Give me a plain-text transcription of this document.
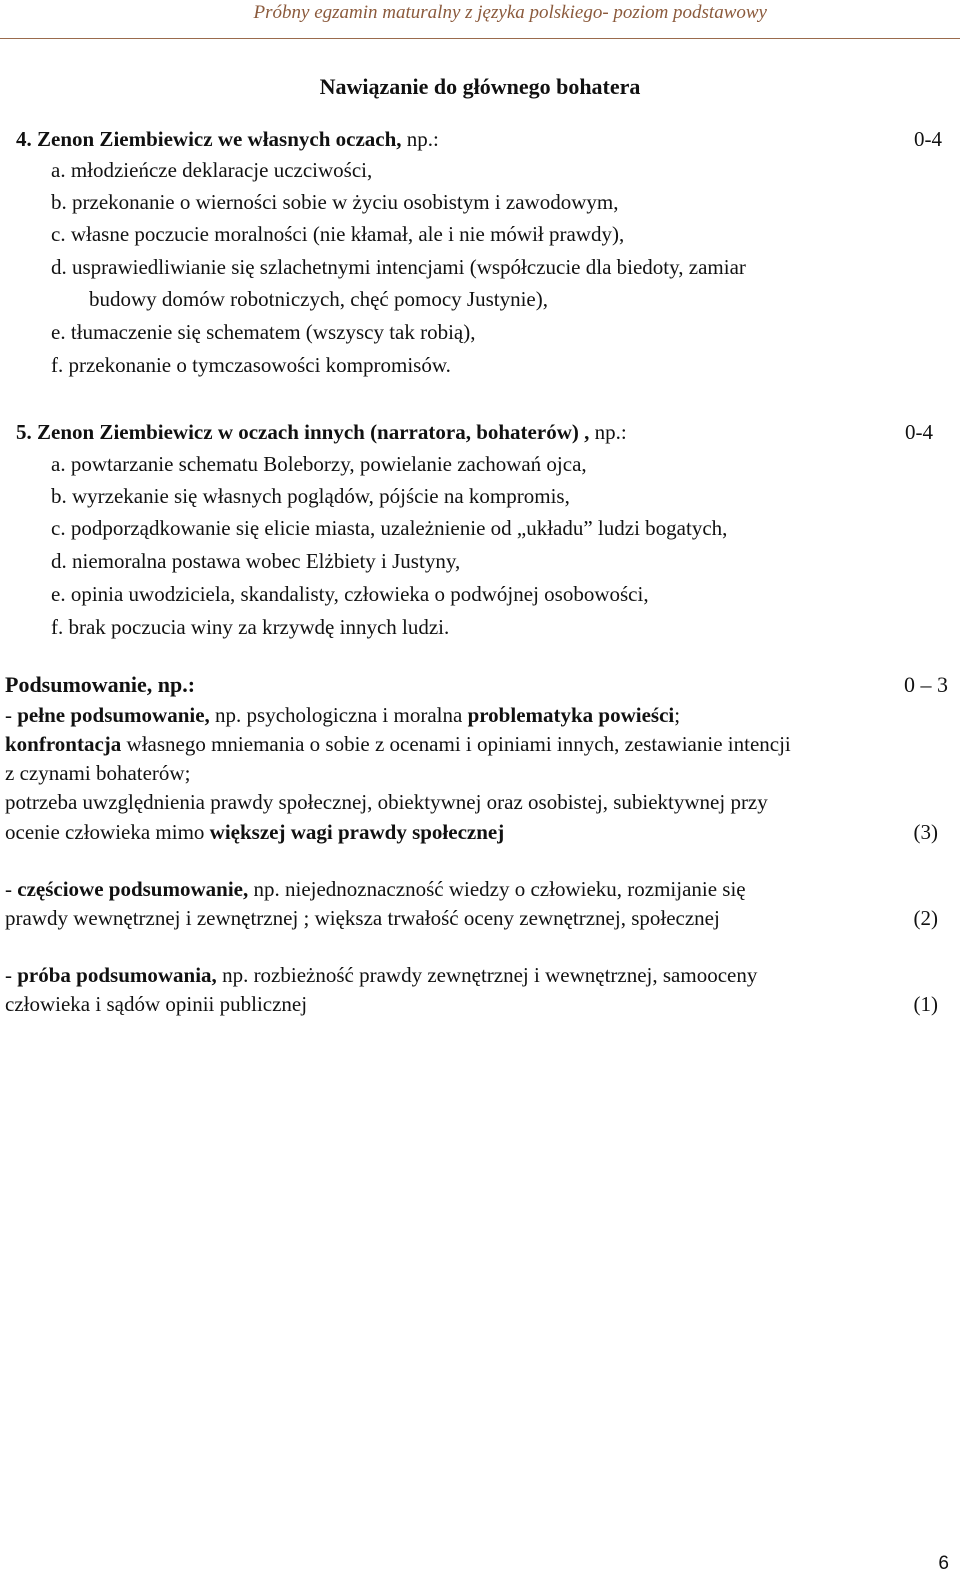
Próbny egzamin maturalny z języka polskiego- poziom podstawowy
Nawiązanie do głównego bohatera
4. Zenon Ziembiewicz we własnych oczach, np.:	0-4
a. młodzieńcze deklaracje uczciwości,
b. przekonanie o wierności sobie w życiu osobistym i zawodowym,
c. własne poczucie moralności (nie kłamał, ale i nie mówił prawdy),
d. usprawiedliwianie się szlachetnymi intencjami (współczucie dla biedoty, zamiar
budowy domów robotniczych, chęć pomocy Justynie),
e. tłumaczenie się schematem (wszyscy tak robią),
f. przekonanie o tymczasowości kompromisów.
5. Zenon Ziembiewicz w oczach innych (narratora, bohaterów) , np.:	0-4
a. powtarzanie schematu Boleborzy, powielanie zachowań ojca,
b. wyrzekanie się własnych poglądów, pójście na kompromis,
c. podporządkowanie się elicie miasta, uzależnienie od „układu” ludzi bogatych,
d. niemoralna postawa wobec Elżbiety i Justyny,
e. opinia uwodziciela, skandalisty, człowieka o podwójnej osobowości,
f. brak poczucia winy za krzywdę innych ludzi.
Podsumowanie, np.:	0 – 3
- pełne podsumowanie, np. psychologiczna i moralna problematyka powieści;
konfrontacja własnego mniemania o sobie z ocenami i opiniami innych, zestawianie intencji
z czynami bohaterów;
potrzeba uwzględnienia prawdy społecznej, obiektywnej oraz osobistej, subiektywnej przy
ocenie człowieka mimo większej wagi prawdy społecznej	(3)
- częściowe podsumowanie, np. niejednoznaczność wiedzy o człowieku, rozmijanie się
prawdy wewnętrznej i zewnętrznej ; większa trwałość oceny zewnętrznej, społecznej	(2)
- próba podsumowania, np. rozbieżność prawdy zewnętrznej i wewnętrznej, samooceny
człowieka i sądów opinii publicznej	(1)
6
